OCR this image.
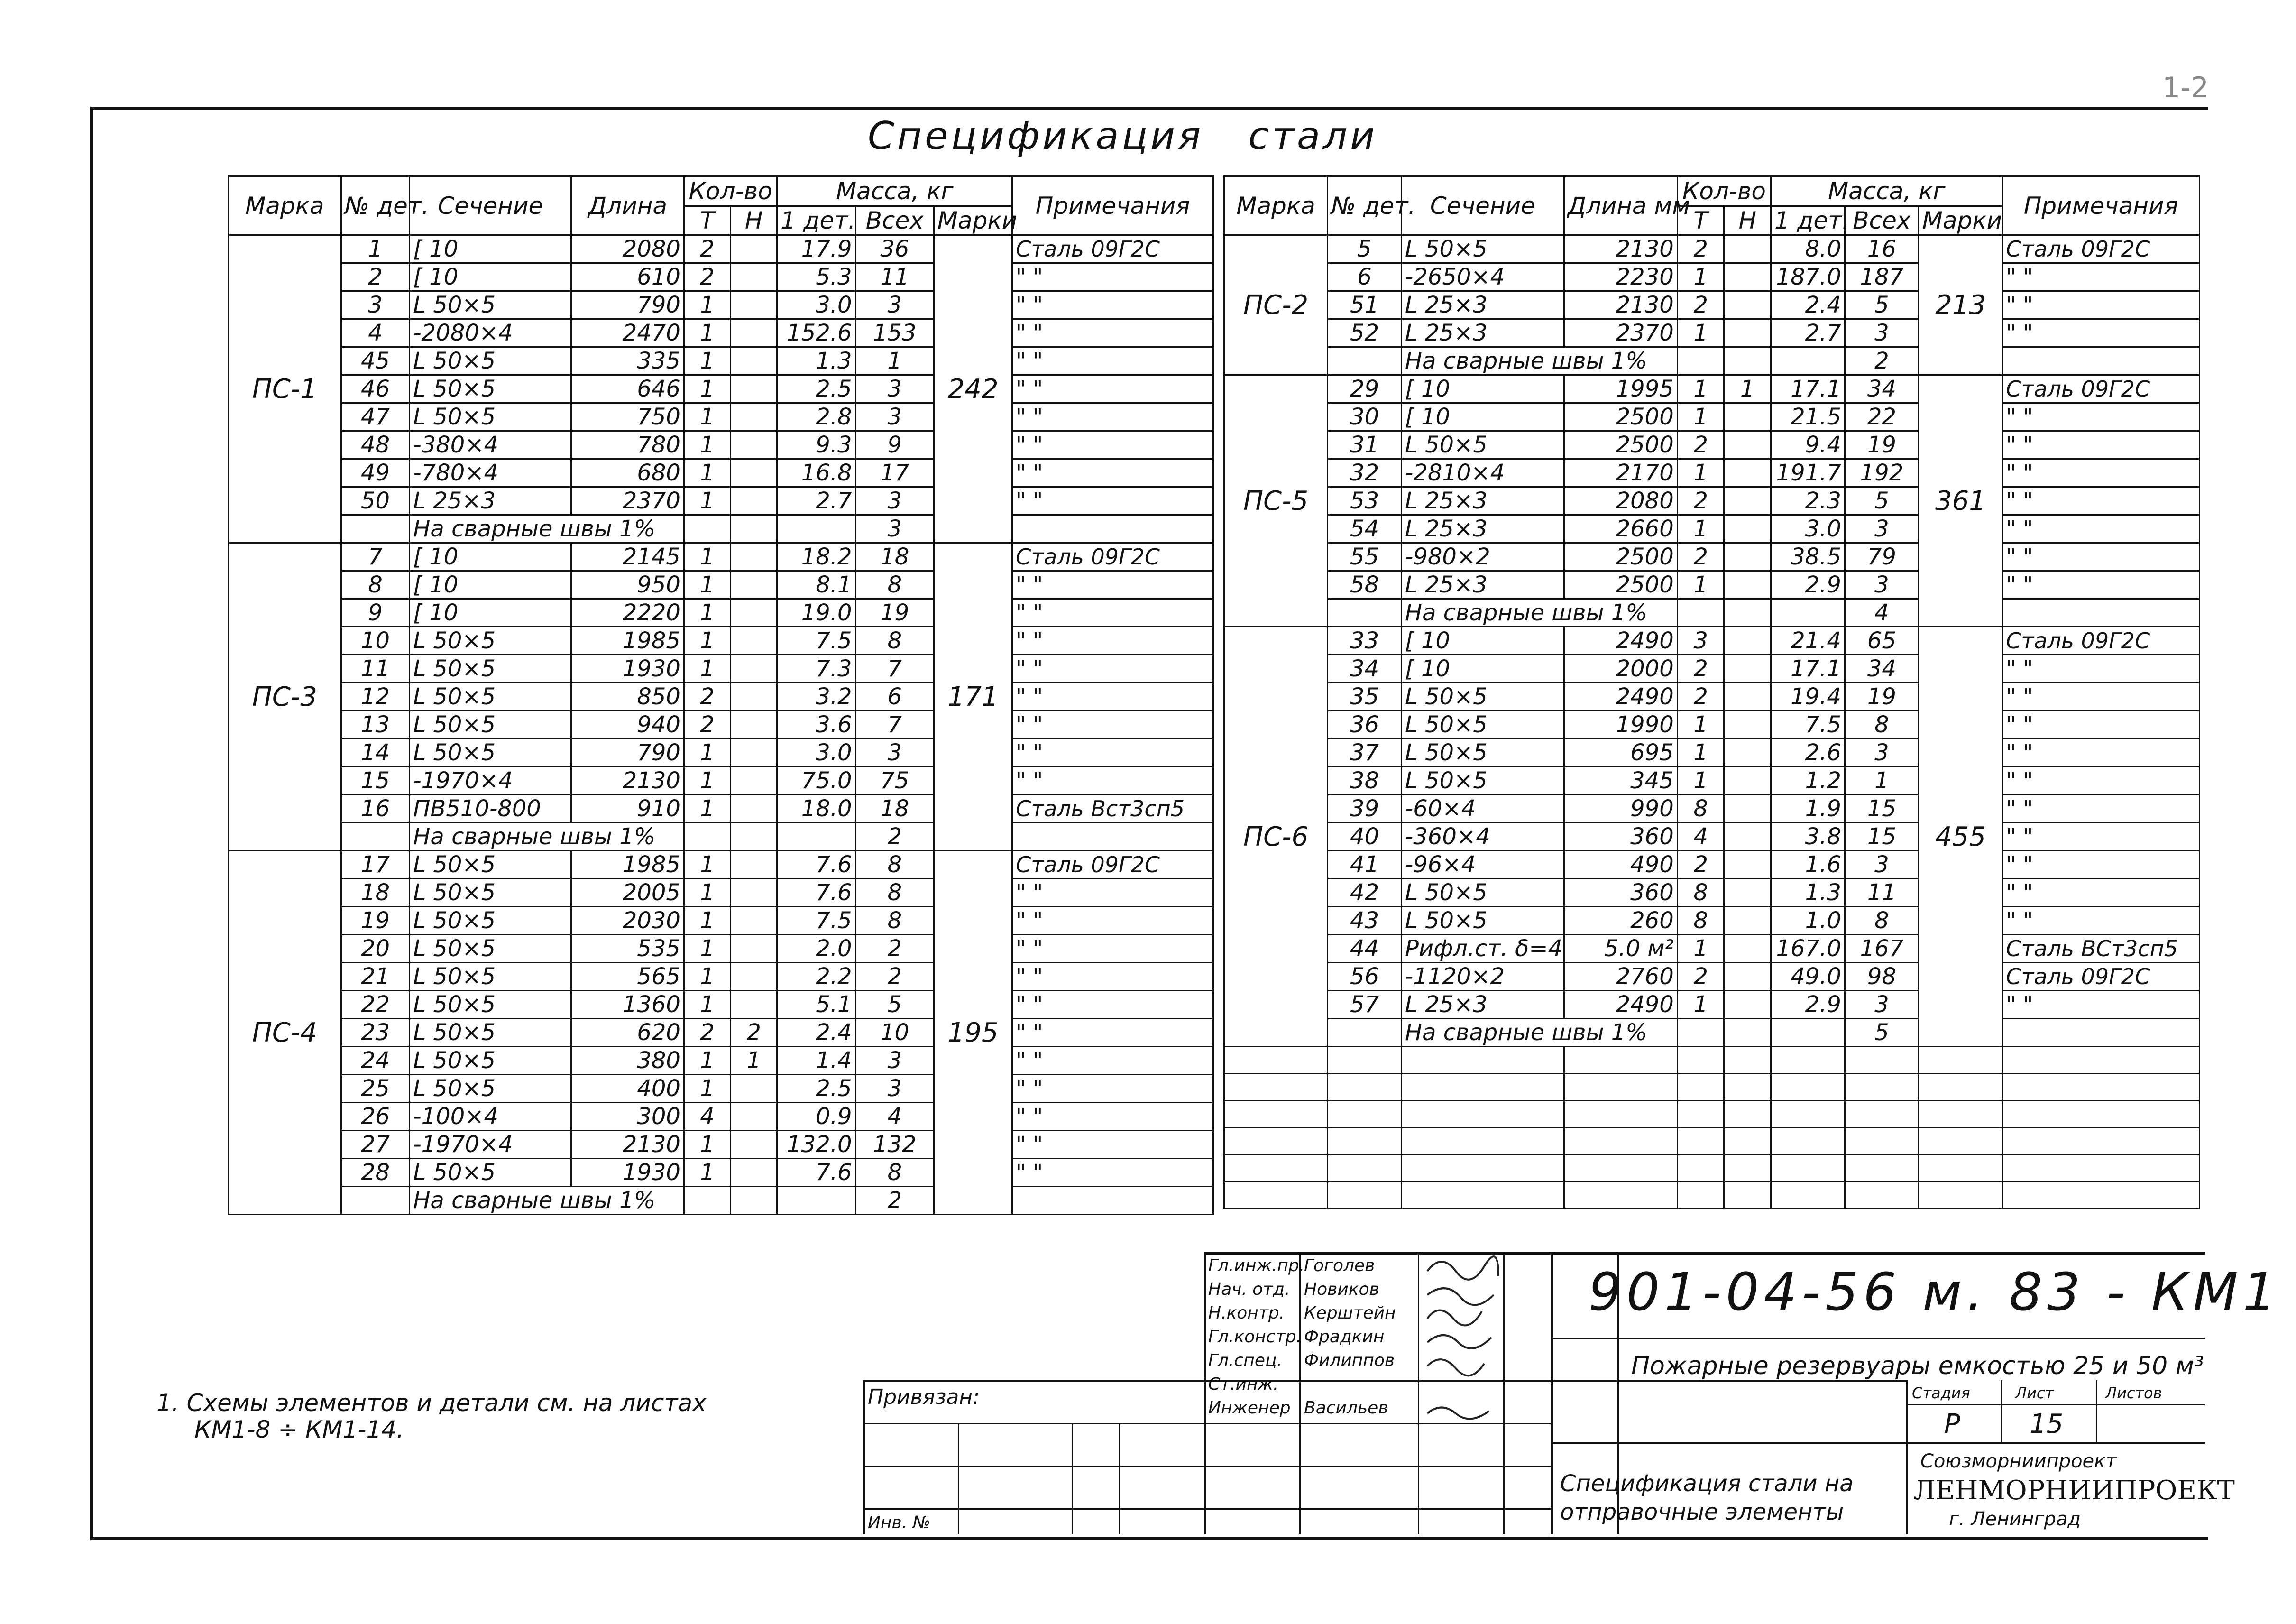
1-2
Спецификация   стали
Марка	№ дет.	Сечение	Длина	Кол-во		Масса, кг			Примечания
				Т	Н	1 дет.	Всех	Марки	
ПС-1	1	[ 10	2080	2		17.9	36	242	Сталь 09Г2С
	2	[ 10	610	2		5.3	11		" "
	3	L 50×5	790	1		3.0	3		" "
	4	-2080×4	2470	1		152.6	153		" "
	45	L 50×5	335	1		1.3	1		" "
	46	L 50×5	646	1		2.5	3		" "
	47	L 50×5	750	1		2.8	3		" "
	48	-380×4	780	1		9.3	9		" "
	49	-780×4	680	1		16.8	17		" "
	50	L 25×3	2370	1		2.7	3		" "
		На сварные швы 1%					3		
ПС-3	7	[ 10	2145	1		18.2	18	171	Сталь 09Г2С
	8	[ 10	950	1		8.1	8		" "
	9	[ 10	2220	1		19.0	19		" "
	10	L 50×5	1985	1		7.5	8		" "
	11	L 50×5	1930	1		7.3	7		" "
	12	L 50×5	850	2		3.2	6		" "
	13	L 50×5	940	2		3.6	7		" "
	14	L 50×5	790	1		3.0	3		" "
	15	-1970×4	2130	1		75.0	75		" "
	16	ПВ510-800	910	1		18.0	18		Сталь Вст3сп5
		На сварные швы 1%					2		
ПС-4	17	L 50×5	1985	1		7.6	8	195	Сталь 09Г2С
	18	L 50×5	2005	1		7.6	8		" "
	19	L 50×5	2030	1		7.5	8		" "
	20	L 50×5	535	1		2.0	2		" "
	21	L 50×5	565	1		2.2	2		" "
	22	L 50×5	1360	1		5.1	5		" "
	23	L 50×5	620	2	2	2.4	10		" "
	24	L 50×5	380	1	1	1.4	3		" "
	25	L 50×5	400	1		2.5	3		" "
	26	-100×4	300	4		0.9	4		" "
	27	-1970×4	2130	1		132.0	132		" "
	28	L 50×5	1930	1		7.6	8		" "
		На сварные швы 1%					2		
Марка	№ дет.	Сечение	Длина мм	Кол-во		Масса, кг			Примечания
				Т	Н	1 дет.	Всех	Марки	
ПС-2	5	L 50×5	2130	2		8.0	16	213	Сталь 09Г2С
	6	-2650×4	2230	1		187.0	187		" "
	51	L 25×3	2130	2		2.4	5		" "
	52	L 25×3	2370	1		2.7	3		" "
		На сварные швы 1%					2		
ПС-5	29	[ 10	1995	1	1	17.1	34	361	Сталь 09Г2С
	30	[ 10	2500	1		21.5	22		" "
	31	L 50×5	2500	2		9.4	19		" "
	32	-2810×4	2170	1		191.7	192		" "
	53	L 25×3	2080	2		2.3	5		" "
	54	L 25×3	2660	1		3.0	3		" "
	55	-980×2	2500	2		38.5	79		" "
	58	L 25×3	2500	1		2.9	3		" "
		На сварные швы 1%					4		
ПС-6	33	[ 10	2490	3		21.4	65	455	Сталь 09Г2С
	34	[ 10	2000	2		17.1	34		" "
	35	L 50×5	2490	2		19.4	19		" "
	36	L 50×5	1990	1		7.5	8		" "
	37	L 50×5	695	1		2.6	3		" "
	38	L 50×5	345	1		1.2	1		" "
	39	-60×4	990	8		1.9	15		" "
	40	-360×4	360	4		3.8	15		" "
	41	-96×4	490	2		1.6	3		" "
	42	L 50×5	360	8		1.3	11		" "
	43	L 50×5	260	8		1.0	8		" "
	44	Рифл.ст. δ=4	5.0 м²	1		167.0	167		Сталь ВСт3сп5
	56	-1120×2	2760	2		49.0	98		Сталь 09Г2С
	57	L 25×3	2490	1		2.9	3		" "
		На сварные швы 1%					5		

1. Схемы элементов и детали см. на листах
КМ1-8 ÷ КМ1-14.
Привязан:
Инв. №
Гл.инж.пр.
Нач. отд.
Н.контр.
Гл.констр.
Гл.спец.
Ст.инж.
Инженер
Гоголев
Новиков
Керштейн
Фрадкин
Филиппов
Васильев
Пожарные резервуары емкостью 25 и 50 м³
Спецификация стали на
отправочные элементы
Стадия	Лист	Листов
Р	15
Союзморниипроект
ЛЕНМОРНИИПРОЕКТ
г. Ленинград
901-04-56 м. 83 - КМ1
